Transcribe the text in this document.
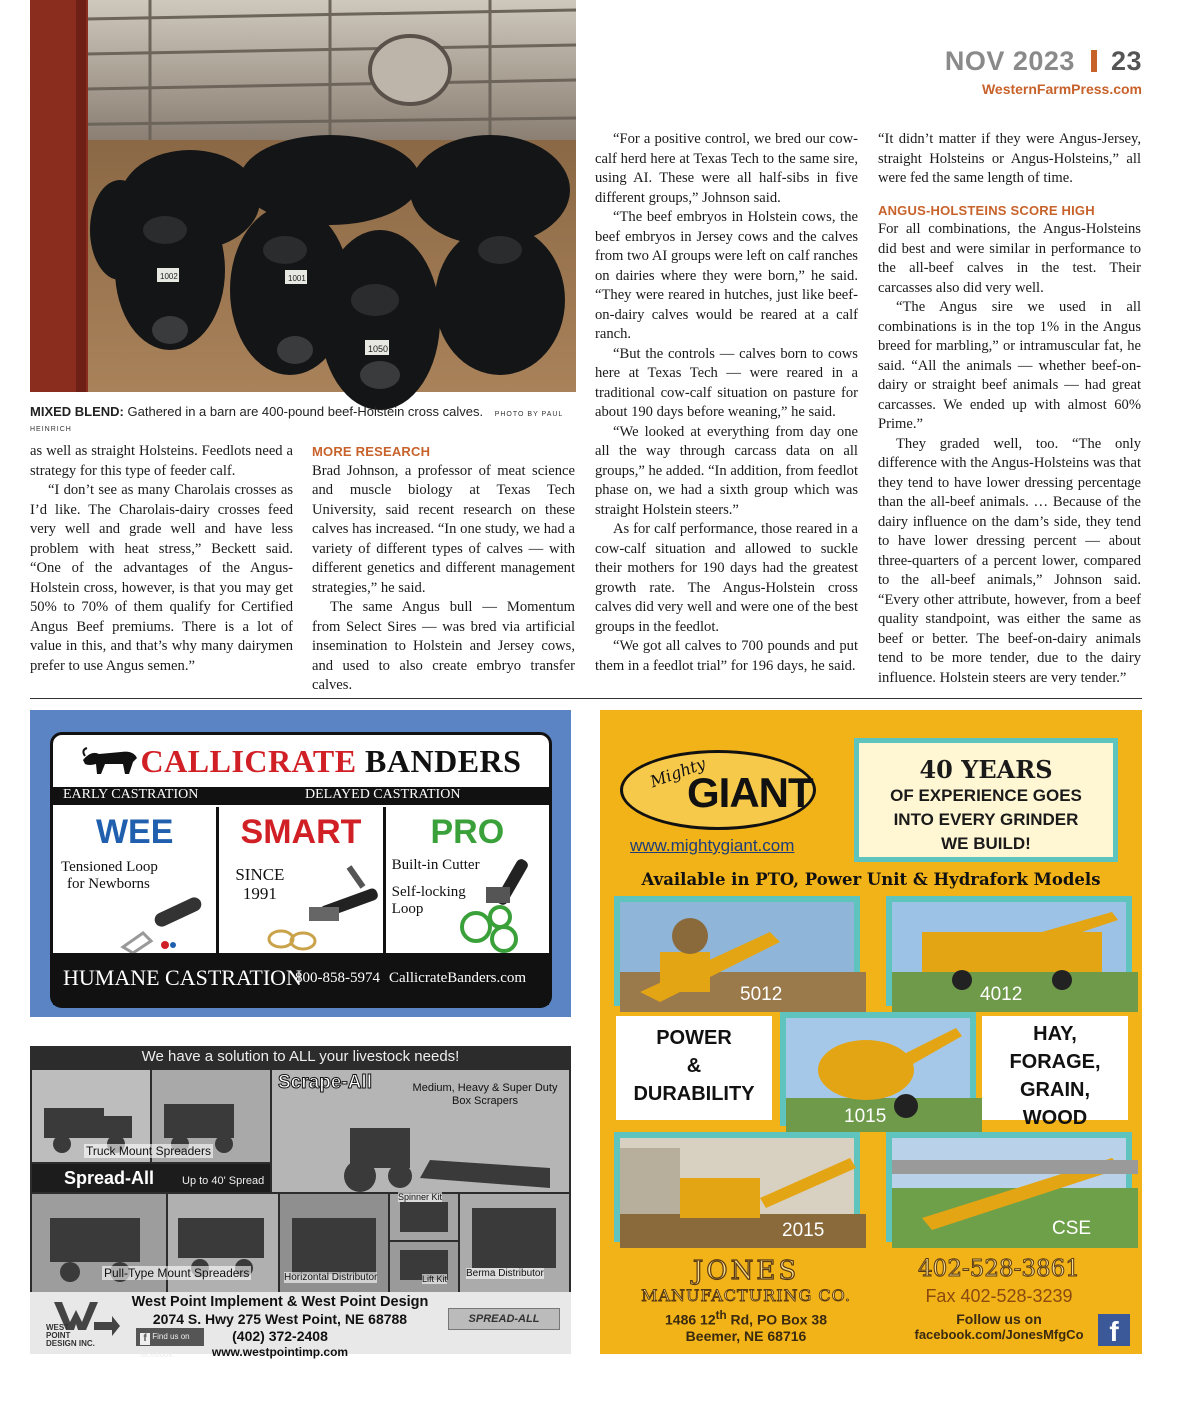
NOV 2023 23
WesternFarmPress.com
1002	1001
1050
MIXED BLEND: Gathered in a barn are 400-pound beef-Holstein cross calves. PHOTO BY PAUL HEINRICH

as well as straight Holsteins. Feedlots need a strategy for this type of feeder calf.

“I don’t see as many Charolais crosses as I’d like. The Charolais-dairy crosses feed very well and grade well and have less problem with heat stress,” Beckett said. “One of the advantages of the Angus-Holstein cross, however, is that you may get 50% to 70% of them qualify for Certified Angus Beef premiums. There is a lot of value in this, and that’s why many dairymen prefer to use Angus semen.”

MORE RESEARCH

Brad Johnson, a professor of meat science and muscle biology at Texas Tech University, said recent research on these calves has increased. “In one study, we had a variety of different types of calves — with different genetics and different management strategies,” he said.

The same Angus bull — Momentum from Select Sires — was bred via artificial insemination to Holstein and Jersey cows, and used to also create embryo transfer calves.

“For a positive control, we bred our cow-calf herd here at Texas Tech to the same sire, using AI. These were all half-sibs in five different groups,” Johnson said.

“The beef embryos in Holstein cows, the beef embryos in Jersey cows and the calves from two AI groups were left on calf ranches on dairies where they were born,” he said. “They were reared in hutches, just like beef-on-dairy calves would be reared at a calf ranch.

“But the controls — calves born to cows here at Texas Tech — were reared in a traditional cow-calf situation on pasture for about 190 days before weaning,” he said.

“We looked at everything from day one all the way through carcass data on all groups,” he added. “In addition, from feedlot phase on, we had a sixth group which was straight Holstein steers.”

As for calf performance, those reared in a cow-calf situation and allowed to suckle their mothers for 190 days had the greatest growth rate. The Angus-Holstein cross calves did very well and were one of the best groups in the feedlot.

“We got all calves to 700 pounds and put them in a feedlot trial” for 196 days, he said.

“It didn’t matter if they were Angus-Jersey, straight Holsteins or Angus-Holsteins,” all were fed the same length of time.

ANGUS-HOLSTEINS SCORE HIGH

For all combinations, the Angus-Holsteins did best and were similar in performance to the all-beef calves in the test. Their carcasses also did very well.

“The Angus sire we used in all combinations is in the top 1% in the Angus breed for marbling,” or intramuscular fat, he said. “All the animals — whether beef-on-dairy or straight beef animals — had great carcasses. We ended up with almost 60% Prime.”

They graded well, too. “The only difference with the Angus-Holsteins was that they tend to have lower dressing percentage than the all-beef animals. … Because of the dairy influence on the dam’s side, they tend to have lower dressing percent — about three-quarters of a percent lower, compared to the all-beef animals,” Johnson said. “Every other attribute, however, from a beef quality standpoint, was either the same as beef or better. The beef-on-dairy animals tend to be more tender, due to the dairy influence. Holstein steers are very tender.”

CALLICRATE BANDERS
EARLY CASTRATION	DELAYED CASTRATION
WEE
Tensioned Loop
for Newborns
SMART
SINCE
1991
PRO
Built-in Cutter
Self-locking
Loop
HUMANE CASTRATION
800-858-5974 CallicrateBanders.com
We have a solution to ALL your livestock needs!
Truck Mount Spreaders
Spread-All	Up to 40' Spread
Scrape-All	Medium, Heavy & Super Duty
Box Scrapers
Pull-Type Mount Spreaders
Spinner Kit
Horizontal Distributor	Lift Kit Berma Distributor
WEST
POINT
DESIGN INC.	f Find us on facebook.
West Point Implement & West Point Design
2074 S. Hwy 275 West Point, NE 68788
(402) 372-2408
www.westpointimp.com
SPREAD-ALL
Mighty
GIANT
www.mightygiant.com
40 YEARS
OF EXPERIENCE GOES
INTO EVERY GRINDER
WE BUILD!
Available in PTO, Power Unit & Hydrafork Models
5012	4012
POWER
&
DURABILITY
1015
HAY,
FORAGE,
GRAIN,
WOOD
2015	CSE
JONES
MANUFACTURING CO.
1486 12th Rd, PO Box 38
Beemer, NE 68716
402-528-3861
Fax 402-528-3239
Follow us on
facebook.com/JonesMfgCo f
